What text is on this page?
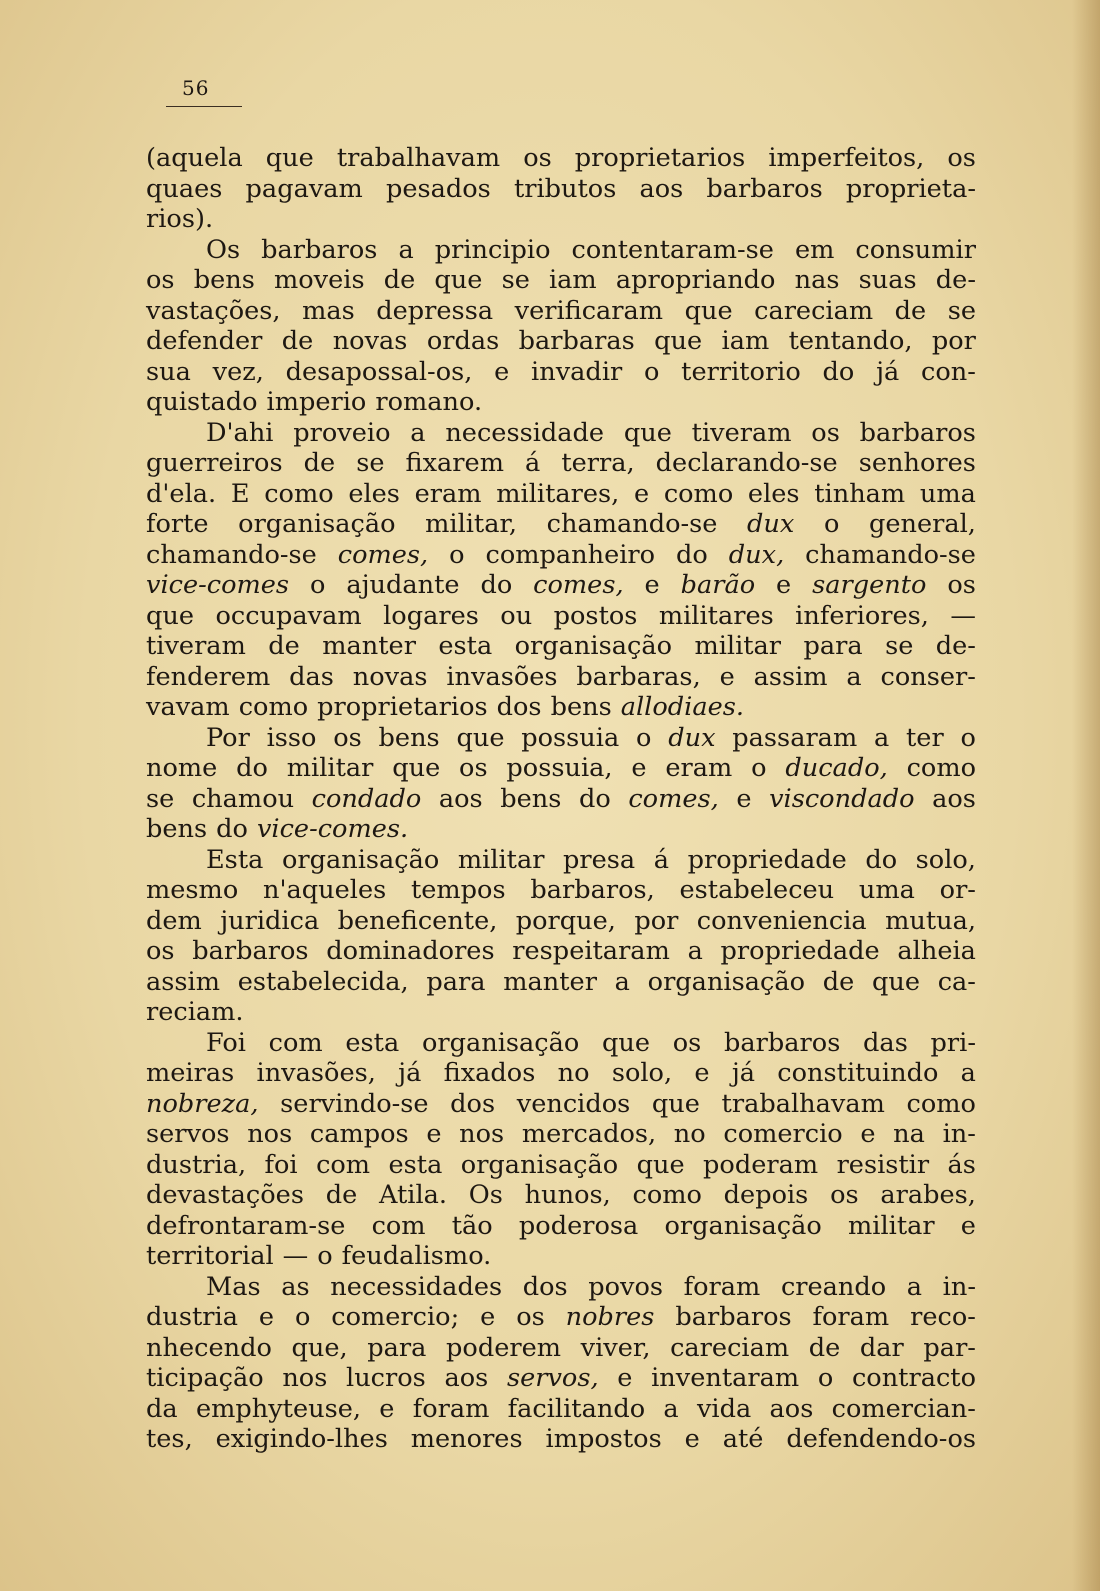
56
(aquela que trabalhavam os proprietarios imperfeitos, os
quaes pagavam pesados tributos aos barbaros proprieta-
rios).
Os barbaros a principio contentaram-se em consumir
os bens moveis de que se iam apropriando nas suas de-
vastações, mas depressa verificaram que careciam de se
defender de novas ordas barbaras que iam tentando, por
sua vez, desapossal-os, e invadir o territorio do já con-
quistado imperio romano.
D'ahi proveio a necessidade que tiveram os barbaros
guerreiros de se fixarem á terra, declarando-se senhores
d'ela. E como eles eram militares, e como eles tinham uma
forte organisação militar, chamando-se dux o general,
chamando-se comes, o companheiro do dux, chamando-se
vice-comes o ajudante do comes, e barão e sargento os
que occupavam logares ou postos militares inferiores, —
tiveram de manter esta organisação militar para se de-
fenderem das novas invasões barbaras, e assim a conser-
vavam como proprietarios dos bens allodiaes.
Por isso os bens que possuia o dux passaram a ter o
nome do militar que os possuia, e eram o ducado, como
se chamou condado aos bens do comes, e viscondado aos
bens do vice-comes.
Esta organisação militar presa á propriedade do solo,
mesmo n'aqueles tempos barbaros, estabeleceu uma or-
dem juridica beneficente, porque, por conveniencia mutua,
os barbaros dominadores respeitaram a propriedade alheia
assim estabelecida, para manter a organisação de que ca-
reciam.
Foi com esta organisação que os barbaros das pri-
meiras invasões, já fixados no solo, e já constituindo a
nobreza, servindo-se dos vencidos que trabalhavam como
servos nos campos e nos mercados, no comercio e na in-
dustria, foi com esta organisação que poderam resistir ás
devastações de Atila. Os hunos, como depois os arabes,
defrontaram-se com tão poderosa organisação militar e
territorial — o feudalismo.
Mas as necessidades dos povos foram creando a in-
dustria e o comercio; e os nobres barbaros foram reco-
nhecendo que, para poderem viver, careciam de dar par-
ticipação nos lucros aos servos, e inventaram o contracto
da emphyteuse, e foram facilitando a vida aos comercian-
tes, exigindo-lhes menores impostos e até defendendo-os
